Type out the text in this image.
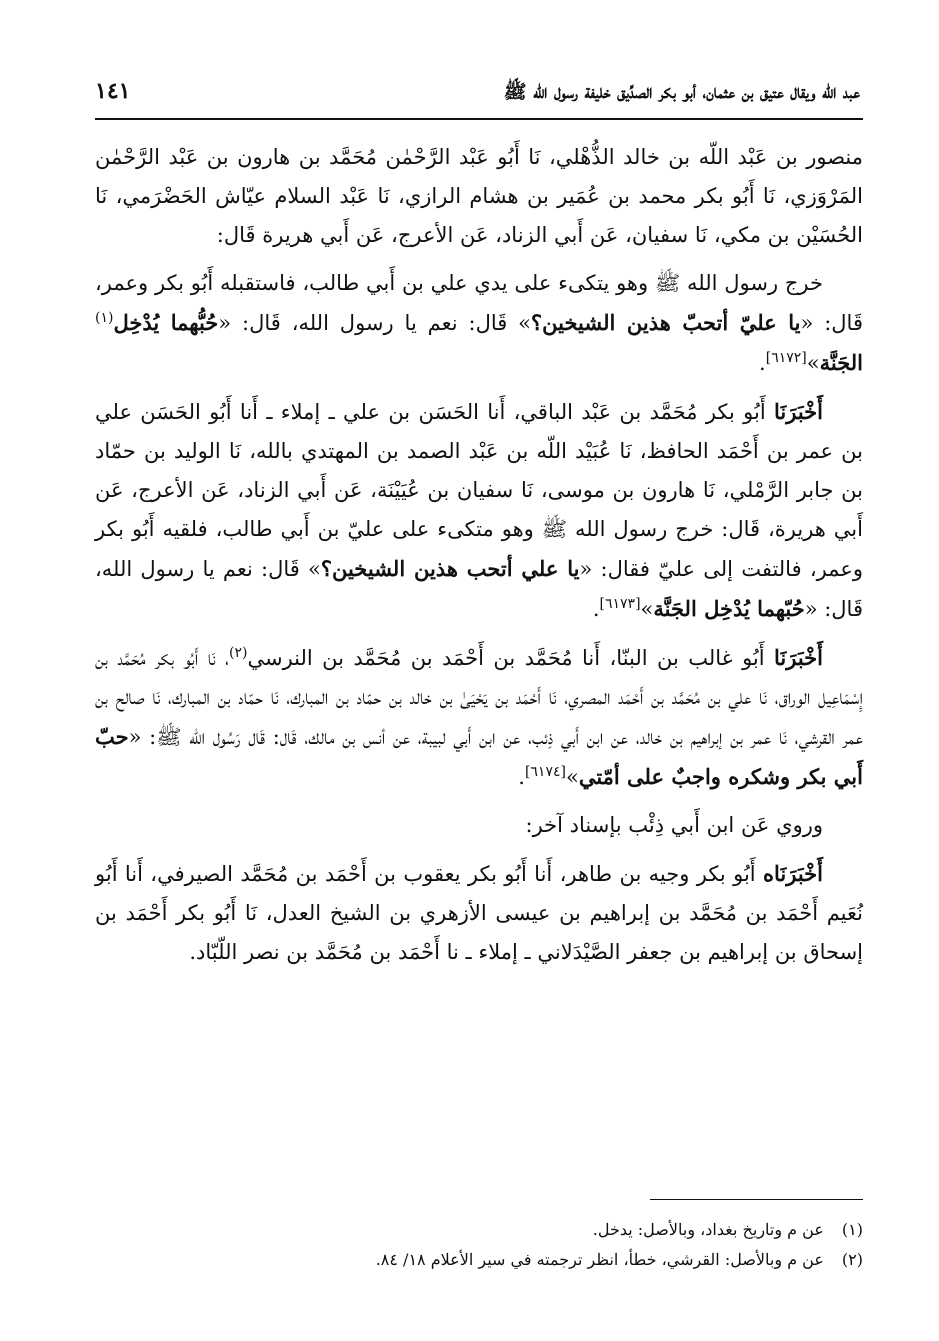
١٤١	عبد الله ويقال عتيق بن عثمان، أبو بكر الصدِّيق خليفة رسول الله ﷺ

منصور بن عَبْد اللّه بن خالد الذُّهْلي، نَا أَبُو عَبْد الرَّحْمٰن مُحَمَّد بن هارون بن عَبْد الرَّحْمٰن المَرْوَزي، نَا أَبُو بكر محمد بن عُمَير بن هشام الرازي، نَا عَبْد السلام عيّاش الحَضْرَمي، نَا الحُسَيْن بن مكي، نَا سفيان، عَن أَبي الزناد، عَن الأعرج، عَن أَبي هريرة قَال:

خرج رسول الله ﷺ وهو يتكىء على يدي علي بن أَبي طالب، فاستقبله أَبُو بكر وعمر، قَال: «يا عليّ أتحبّ هذين الشيخين؟» قَال: نعم يا رسول الله، قَال: «حُبُّهما يُدْخِل$^{(١)}$ الجَنَّة»[٦١٧٢].

أَخْبَرَنَا أَبُو بكر مُحَمَّد بن عَبْد الباقي، أَنا الحَسَن بن علي ـ إملاء ـ أَنا أَبُو الحَسَن علي بن عمر بن أَحْمَد الحافظ، نَا عُبَيْد اللّه بن عَبْد الصمد بن المهتدي بالله، نَا الوليد بن حمّاد بن جابر الرَّمْلي، نَا هارون بن موسى، نَا سفيان بن عُيَيْنَة، عَن أَبي الزناد، عَن الأعرج، عَن أَبي هريرة، قَال: خرج رسول الله ﷺ وهو متكىء على عليّ بن أَبي طالب، فلقيه أَبُو بكر وعمر، فالتفت إلى عليّ فقال: «يا علي أتحب هذين الشيخين؟» قَال: نعم يا رسول الله، قَال: «حُبّهما يُدْخِل الجَنَّة»[٦١٧٣].

أَخْبَرَنَا أَبُو غالب بن البنّا، أَنا مُحَمَّد بن أَحْمَد بن مُحَمَّد بن النرسي$^{(٢)}$، نَا أَبُو بكر مُحَمَّد بن إِسْمَاعِيل الوراق، نَا علي بن مُحَمَّد بن أَحْمَد المصري، نَا أَحْمَد بن يَحْيَىٰ بن خالد بن حمّاد بن المبارك، نَا حمّاد بن المبارك، نَا صالح بن عمر القرشي، نَا عمر بن إبراهيم بن خالد، عن ابن أَبي ذِئب، عن ابن أَبي لبيبة، عن أنس بن مالك، قَال: قَال رَسُول الله ﷺ: «حبّ أَبي بكر وشكره واجبٌ على أمّتي»[٦١٧٤].

وروي عَن ابن أَبي ذِئْب بإسناد آخر:

أَخْبَرَنَاه أَبُو بكر وجيه بن طاهر، أَنا أَبُو بكر يعقوب بن أَحْمَد بن مُحَمَّد الصيرفي، أَنا أَبُو نُعَيم أَحْمَد بن مُحَمَّد بن إبراهيم بن عيسى الأزهري بن الشيخ العدل، نَا أَبُو بكر أَحْمَد بن إسحاق بن إبراهيم بن جعفر الصَّيْدَلاني ـ إملاء ـ نا أَحْمَد بن مُحَمَّد بن نصر اللّبّاد.

(١)عن م وتاريخ بغداد، وبالأصل: يدخل.

(٢)عن م وبالأصل: القرشي، خطأ، انظر ترجمته في سير الأعلام ١٨/ ٨٤.
